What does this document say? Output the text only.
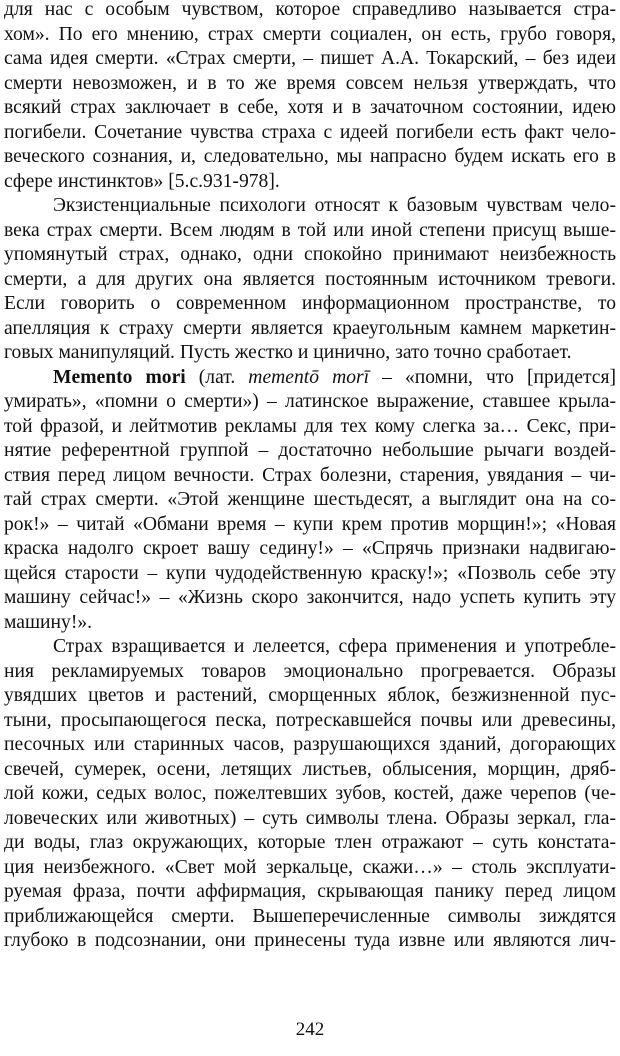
для нас с особым чувством, которое справедливо называется стра-
хом». По его мнению, страх смерти социален, он есть, грубо говоря,
сама идея смерти. «Страх смерти, – пишет А.А. Токарский, – без идеи
смерти невозможен, и в то же время совсем нельзя утверждать, что
всякий страх заключает в себе, хотя и в зачаточном состоянии, идею
погибели. Сочетание чувства страха с идеей погибели есть факт чело-
веческого сознания, и, следовательно, мы напрасно будем искать его в
сфере инстинктов» [5.с.931-978].

Экзистенциальные психологи относят к базовым чувствам чело-
века страх смерти. Всем людям в той или иной степени присущ выше-
упомянутый страх, однако, одни спокойно принимают неизбежность
смерти, а для других она является постоянным источником тревоги.
Если говорить о современном информационном пространстве, то
апелляция к страху смерти является краеугольным камнем маркетин-
говых манипуляций. Пусть жестко и цинично, зато точно сработает.

Memento mori (лат. mementō morī – «помни, что [придется]
умирать», «помни о смерти») – латинское выражение, ставшее крыла-
той фразой, и лейтмотив рекламы для тех кому слегка за… Секс, при-
нятие референтной группой – достаточно небольшие рычаги воздей-
ствия перед лицом вечности. Страх болезни, старения, увядания – чи-
тай страх смерти. «Этой женщине шестьдесят, а выглядит она на со-
рок!» – читай «Обмани время – купи крем против морщин!»; «Новая
краска надолго скроет вашу седину!» – «Спрячь признаки надвигаю-
щейся старости – купи чудодейственную краску!»; «Позволь себе эту
машину сейчас!» – «Жизнь скоро закончится, надо успеть купить эту
машину!».

Страх взращивается и лелеется, сфера применения и употребле-
ния рекламируемых товаров эмоционально прогревается. Образы
увядших цветов и растений, сморщенных яблок, безжизненной пус-
тыни, просыпающегося песка, потрескавшейся почвы или древесины,
песочных или старинных часов, разрушающихся зданий, догорающих
свечей, сумерек, осени, летящих листьев, облысения, морщин, дряб-
лой кожи, седых волос, пожелтевших зубов, костей, даже черепов (че-
ловеческих или животных) – суть символы тлена. Образы зеркал, гла-
ди воды, глаз окружающих, которые тлен отражают – суть констата-
ция неизбежного. «Свет мой зеркальце, скажи…» – столь эксплуати-
руемая фраза, почти аффирмация, скрывающая панику перед лицом
приближающейся смерти. Вышеперечисленные символы зиждятся
глубоко в подсознании, они принесены туда извне или являются лич-

242
